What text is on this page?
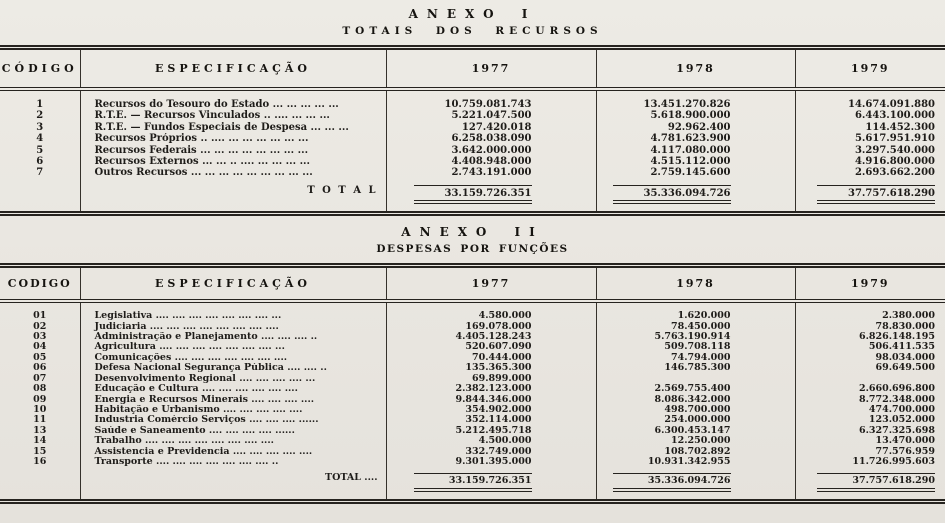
ANEXO I
TOTAIS DOS RECURSOS
CÓDIGO	ESPECIFICAÇÃO	1977	1978	1979
1	Recursos do Tesouro do Estado ... ... ... ... ...	10.759.081.743	13.451.270.826	14.674.091.880
2	R.T.E. — Recursos Vinculados .. .... ... ... ...	5.221.047.500	5.618.900.000	6.443.100.000
3	R.T.E. — Fundos Especiais de Despesa ... ... ...	127.420.018	92.962.400	114.452.300
4	Recursos Próprios .. .... ... ... ... ... ... ...	6.258.038.090	4.781.623.900	5.617.951.910
5	Recursos Federais ... ... ... ... ... ... ... ...	3.642.000.000	4.117.080.000	3.297.540.000
6	Recursos Externos ... ... .. .... ... ... ... ...	4.408.948.000	4.515.112.000	4.916.800.000
7	Outros Recursos ... ... ... ... ... ... ... ... ...	2.743.191.000	2.759.145.600	2.693.662.200
	T O T A L	33.159.726.351	35.336.094.726	37.757.618.290
ANEXO II
DESPESAS POR FUNÇÕES
CODIGO	ESPECIFICAÇÃO	1977	1978	1979
01	Legislativa .... .... .... .... .... .... .... ...	4.580.000	1.620.000	2.380.000
02	Judiciaria .... .... .... .... .... .... .... ....	169.078.000	78.450.000	78.830.000
03	Administração e Planejamento .... .... .... ..	4.405.128.243	5.763.190.914	6.826.148.195
04	Agricultura .... .... .... .... .... .... .... ...	520.607.090	509.708.118	506.411.535
05	Comunicações .... .... .... .... .... .... ....	70.444.000	74.794.000	98.034.000
06	Defesa Nacional Segurança Pública .... .... ..	135.365.300	146.785.300	69.649.500
07	Desenvolvimento Regional .... .... .... .... ...	69.899.000		
08	Educação e Cultura .... .... .... .... .... ....	2.382.123.000	2.569.755.400	2.660.696.800
09	Energia e Recursos Minerais .... .... .... ....	9.844.346.000	8.086.342.000	8.772.348.000
10	Habitação e Urbanismo .... .... .... .... ....	354.902.000	498.700.000	474.700.000
11	Industria Comércio Serviços .... .... .... ......	352.114.000	254.000.000	123.052.000
13	Saúde e Saneamento .... .... .... .... ......	5.212.495.718	6.300.453.147	6.327.325.698
14	Trabalho .... .... .... .... .... .... .... ....	4.500.000	12.250.000	13.470.000
15	Assistencia e Previdencia .... .... .... .... ....	332.749.000	108.702.892	77.576.959
16	Transporte .... .... .... .... .... .... .... ..	9.301.395.000	10.931.342.955	11.726.995.603
	TOTAL ....	33.159.726.351	35.336.094.726	37.757.618.290
